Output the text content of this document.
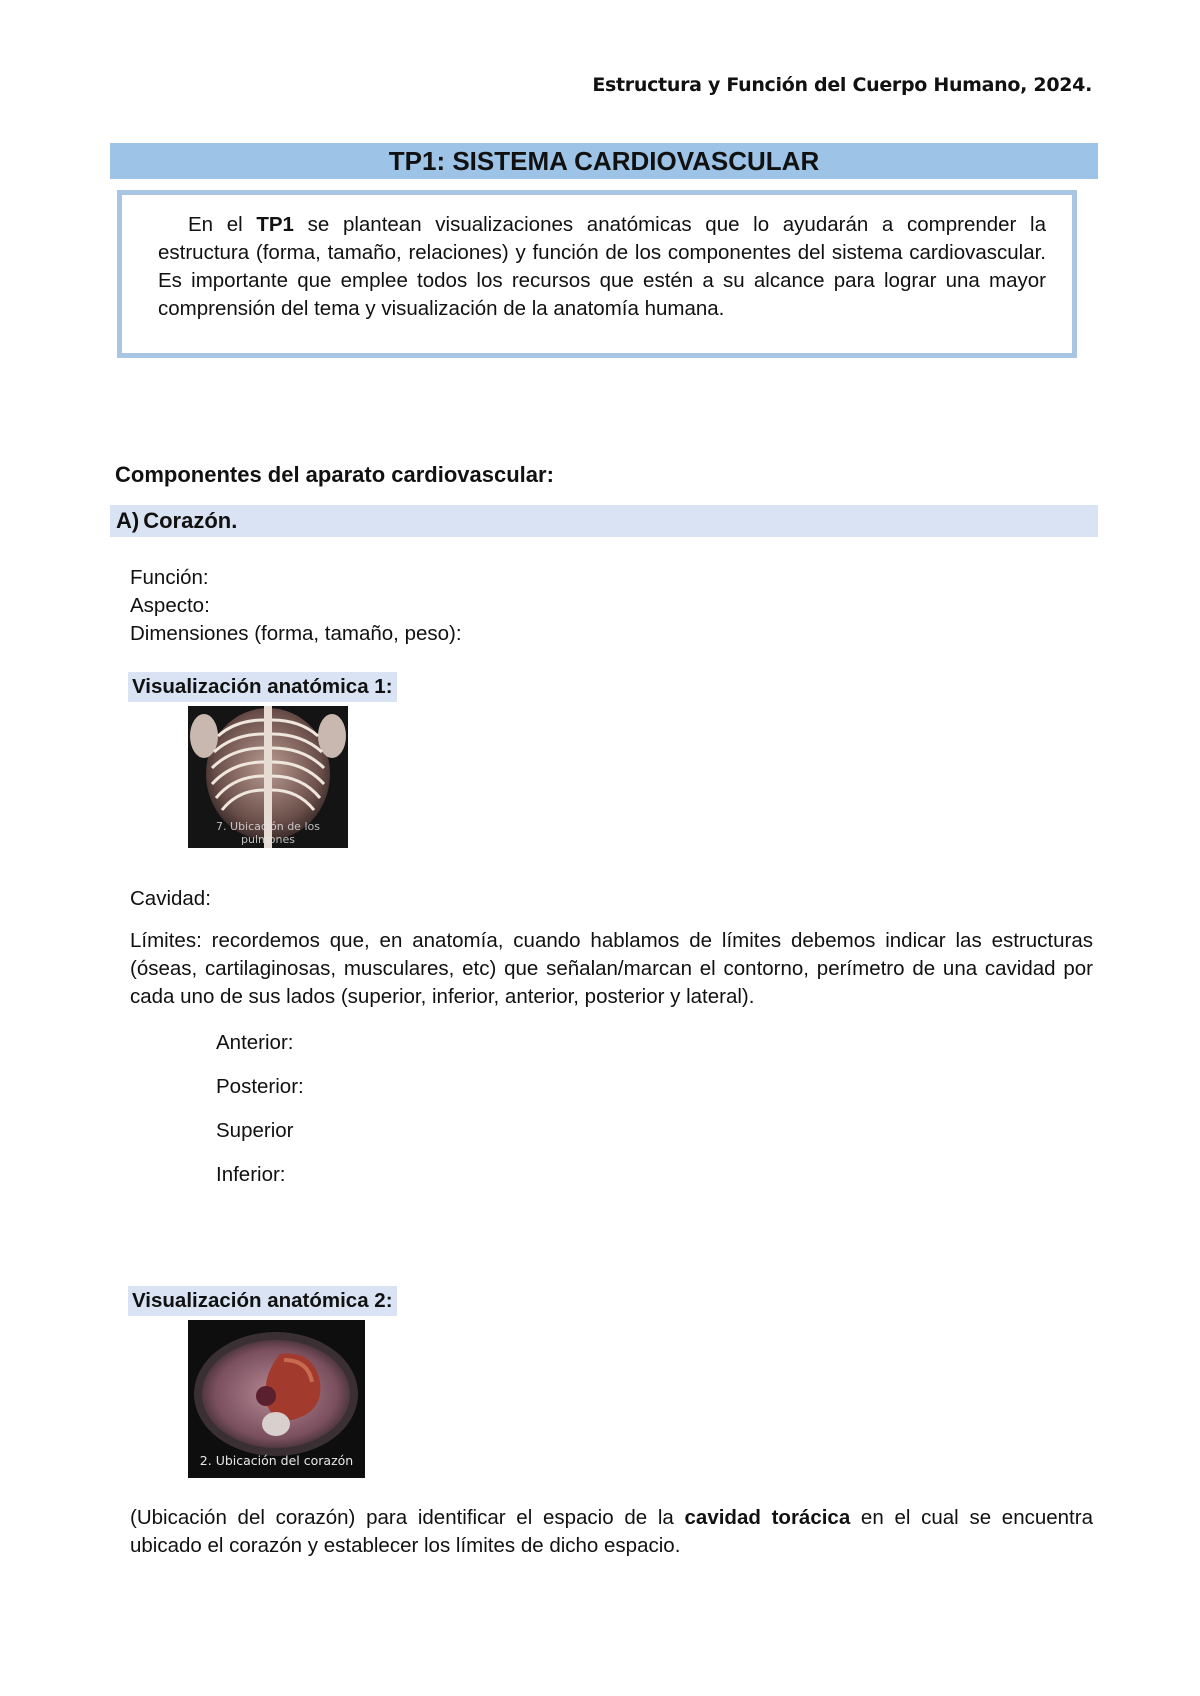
Estructura y Función del Cuerpo Humano, 2024.
TP1: SISTEMA CARDIOVASCULAR
En el TP1 se plantean visualizaciones anatómicas que lo ayudarán a comprender la estructura (forma, tamaño, relaciones) y función de los componentes del sistema cardiovascular. Es importante que emplee todos los recursos que estén a su alcance para lograr una mayor comprensión del tema y visualización de la anatomía humana.
Componentes del aparato cardiovascular:
A) Corazón.
Función:
Aspecto:
Dimensiones (forma, tamaño, peso):
Visualización anatómica 1:
7. Ubicación de los pulmones
Cavidad:
Límites: recordemos que, en anatomía, cuando hablamos de límites debemos indicar las estructuras (óseas, cartilaginosas, musculares, etc) que señalan/marcan el contorno, perímetro de una cavidad por cada uno de sus lados (superior, inferior, anterior, posterior y lateral).
Anterior:
Posterior:
Superior
Inferior:
Visualización anatómica 2:
2. Ubicación del corazón
(Ubicación del corazón) para identificar el espacio de la cavidad torácica en el cual se encuentra ubicado el corazón y establecer los límites de dicho espacio.
